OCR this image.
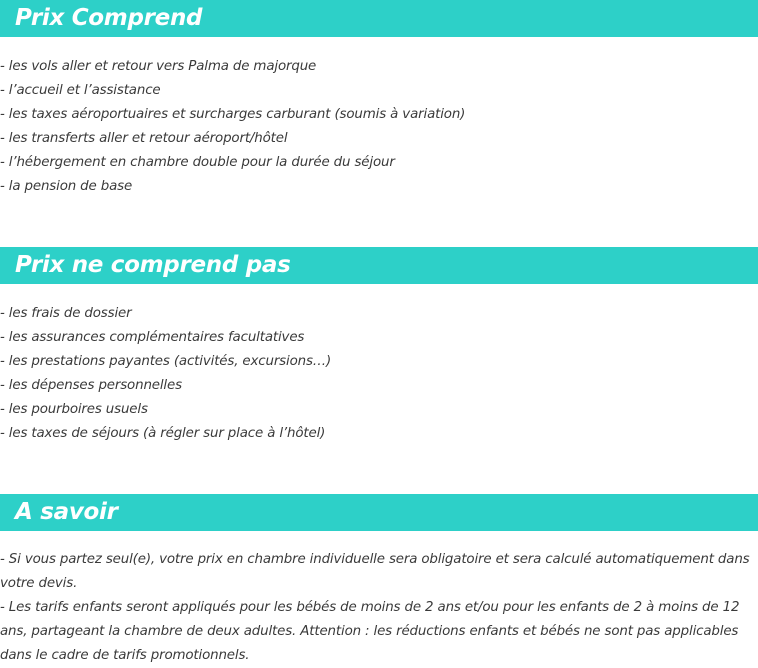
Prix Comprend
- les vols aller et retour vers Palma de majorque
- l’accueil et l’assistance
- les taxes aéroportuaires et surcharges carburant (soumis à variation)
- les transferts aller et retour aéroport/hôtel
- l’hébergement en chambre double pour la durée du séjour
- la pension de base
Prix ne comprend pas
- les frais de dossier
- les assurances complémentaires facultatives
- les prestations payantes (activités, excursions…)
- les dépenses personnelles
- les pourboires usuels
- les taxes de séjours (à régler sur place à l’hôtel)
A savoir

- Si vous partez seul(e), votre prix en chambre individuelle sera obligatoire et sera calculé automatiquement dans votre devis.

- Les tarifs enfants seront appliqués pour les bébés de moins de 2 ans et/ou pour les enfants de 2 à moins de 12 ans, partageant la chambre de deux adultes. Attention : les réductions enfants et bébés ne sont pas applicables dans le cadre de tarifs promotionnels.
